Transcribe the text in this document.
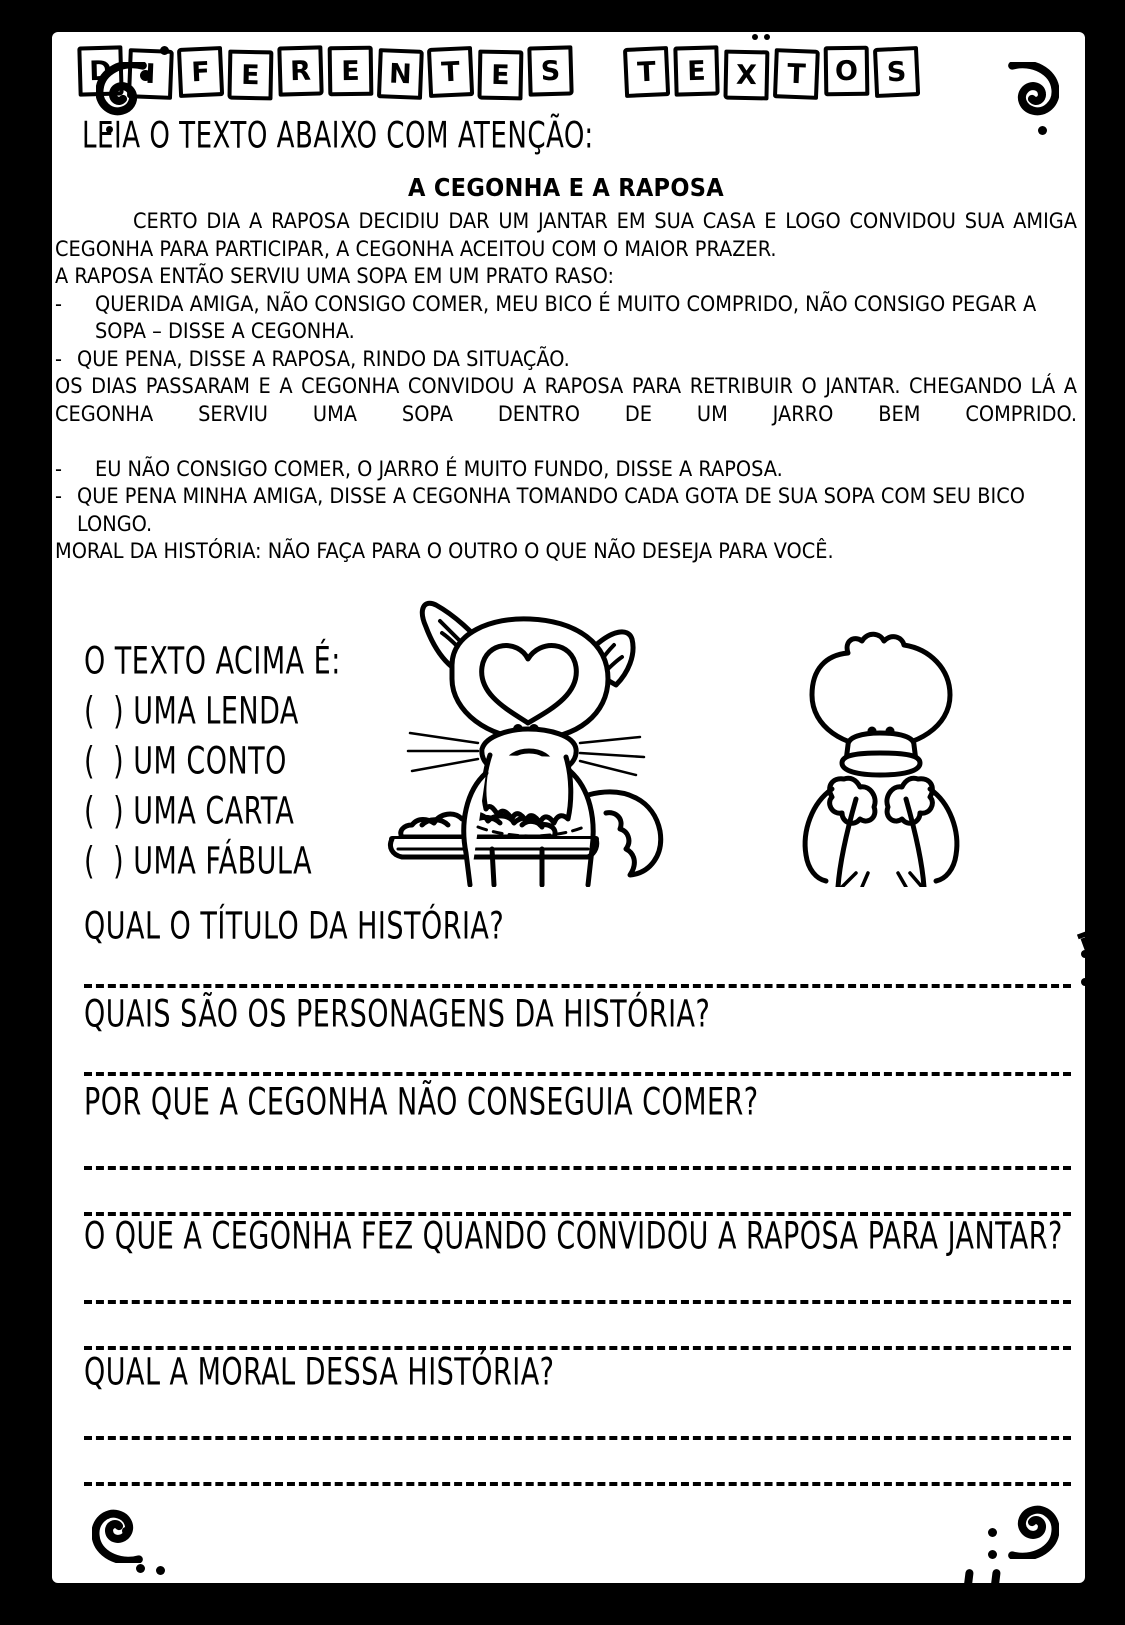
D	I	F	E	R	E	N	T	E	S	T	E	X	T	O	S
LEIA O TEXTO ABAIXO COM ATENÇÃO:
A CEGONHA E A RAPOSA

CERTO DIA A RAPOSA DECIDIU DAR UM JANTAR EM SUA CASA E LOGO CONVIDOU SUA AMIGA CEGONHA PARA PARTICIPAR, A CEGONHA ACEITOU COM O MAIOR PRAZER.

A RAPOSA ENTÃO SERVIU UMA SOPA EM UM PRATO RASO:

-	QUERIDA AMIGA, NÃO CONSIGO COMER, MEU BICO É MUITO COMPRIDO, NÃO CONSIGO PEGAR A SOPA – DISSE A CEGONHA.
- QUE PENA, DISSE A RAPOSA, RINDO DA SITUAÇÃO.

OS DIAS PASSARAM E A CEGONHA CONVIDOU A RAPOSA PARA RETRIBUIR O JANTAR. CHEGANDO LÁ A CEGONHA SERVIU UMA SOPA DENTRO DE UM JARRO BEM COMPRIDO.

-	EU NÃO CONSIGO COMER, O JARRO É MUITO FUNDO, DISSE A RAPOSA.
- QUE PENA MINHA AMIGA, DISSE A CEGONHA TOMANDO CADA GOTA DE SUA SOPA COM SEU BICO LONGO.

MORAL DA HISTÓRIA: NÃO FAÇA PARA O OUTRO O QUE NÃO DESEJA PARA VOCÊ.

O TEXTO ACIMA É:
(  ) UMA LENDA
(  ) UM CONTO
(  ) UMA CARTA
(  ) UMA FÁBULA
QUAL O TÍTULO DA HISTÓRIA?
QUAIS SÃO OS PERSONAGENS DA HISTÓRIA?
POR QUE A CEGONHA NÃO CONSEGUIA COMER?
O QUE A CEGONHA FEZ QUANDO CONVIDOU A RAPOSA PARA JANTAR?
QUAL A MORAL DESSA HISTÓRIA?
